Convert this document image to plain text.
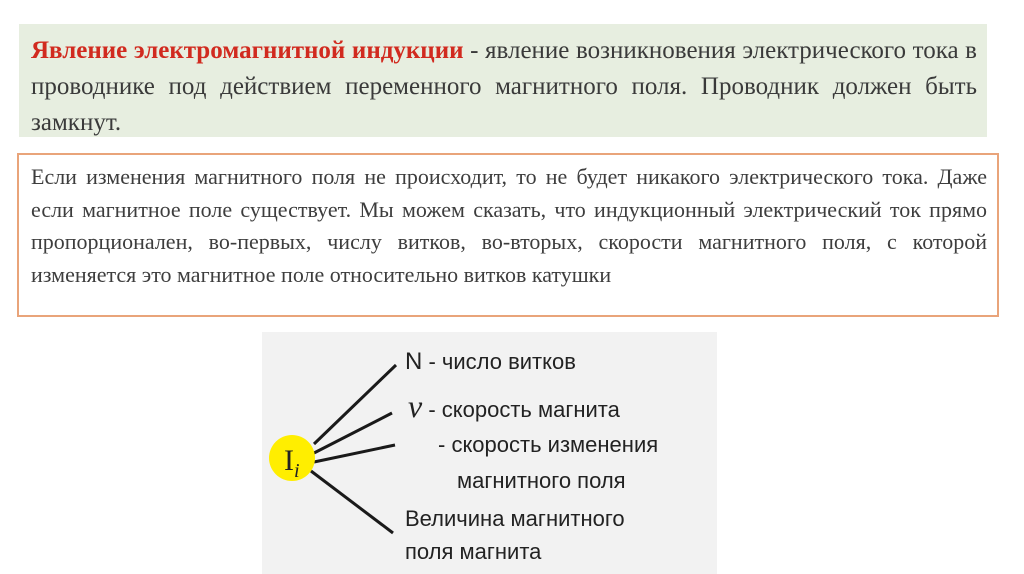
Явление электромагнитной индукции - явление возникновения электрического тока в проводнике под действием переменного магнитного поля. Проводник должен быть замкнут.
Если изменения магнитного поля не происходит, то не будет никакого электрического тока. Даже если магнитное поле существует. Мы можем сказать, что индукционный электрический ток прямо пропорционален, во-первых, числу витков, во-вторых, скорости магнитного поля, с которой изменяется это магнитное поле относительно витков катушки
$I_i$
N - число витков
v - скорость магнита
- скорость изменения
магнитного поля
Величина магнитного
поля магнита
